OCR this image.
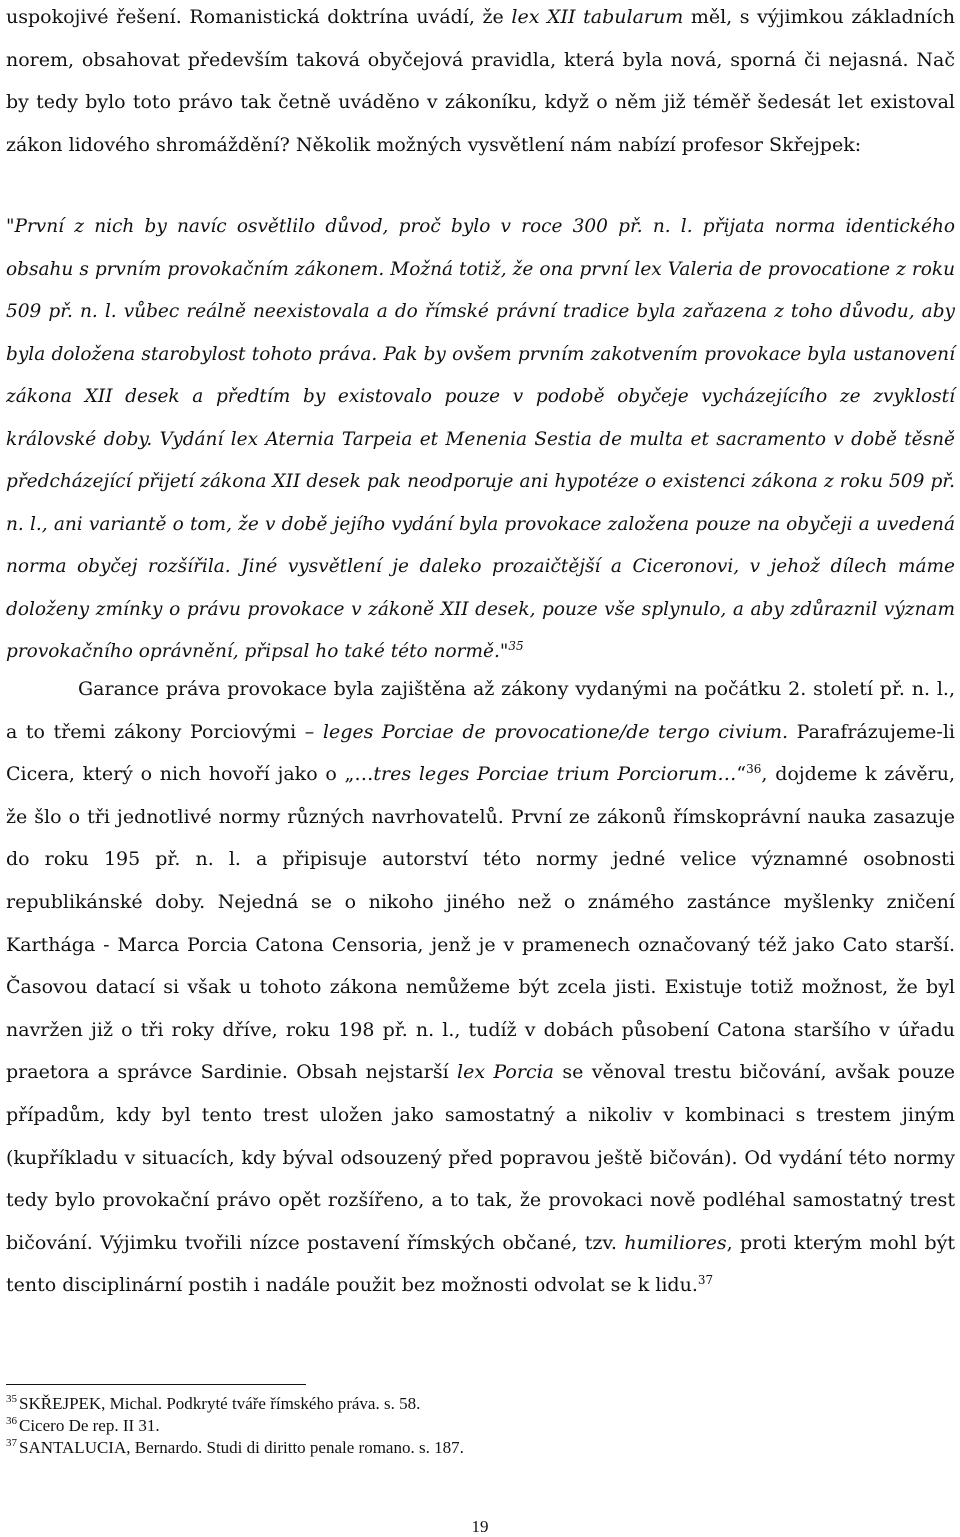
uspokojivé řešení. Romanistická doktrína uvádí, že lex XII tabularum měl, s výjimkou základních norem, obsahovat především taková obyčejová pravidla, která byla nová, sporná či nejasná. Nač by tedy bylo toto právo tak četně uváděno v zákoníku, když o něm již téměř šedesát let existoval zákon lidového shromáždění? Několik možných vysvětlení nám nabízí profesor Skřejpek:

"První z nich by navíc osvětlilo důvod, proč bylo v roce 300 př. n. l. přijata norma identického obsahu s prvním provokačním zákonem. Možná totiž, že ona první lex Valeria de provocatione z roku 509 př. n. l. vůbec reálně neexistovala a do římské právní tradice byla zařazena z toho důvodu, aby byla doložena starobylost tohoto práva. Pak by ovšem prvním zakotvením provokace byla ustanovení zákona XII desek a předtím by existovalo pouze v podobě obyčeje vycházejícího ze zvyklostí královské doby. Vydání lex Aternia Tarpeia et Menenia Sestia de multa et sacramento v době těsně předcházející přijetí zákona XII desek pak neodporuje ani hypotéze o existenci zákona z roku 509 př. n. l., ani variantě o tom, že v době jejího vydání byla provokace založena pouze na obyčeji a uvedená norma obyčej rozšířila. Jiné vysvětlení je daleko prozaičtější a Ciceronovi, v jehož dílech máme doloženy zmínky o právu provokace v zákoně XII desek, pouze vše splynulo, a aby zdůraznil význam provokačního oprávnění, připsal ho také této normě."$^{35}$

Garance práva provokace byla zajištěna až zákony vydanými na počátku 2. století př. n. l., a to třemi zákony Porciovými – leges Porciae de provocatione/de tergo civium. Parafrázujeme-li Cicera, který o nich hovoří jako o „…tres leges Porciae trium Porciorum…“$^{36}$, dojdeme k závěru, že šlo o tři jednotlivé normy různých navrhovatelů. První ze zákonů římskoprávní nauka zasazuje do roku 195 př. n. l. a připisuje autorství této normy jedné velice významné osobnosti republikánské doby. Nejedná se o nikoho jiného než o známého zastánce myšlenky zničení Karthága - Marca Porcia Catona Censoria, jenž je v pramenech označovaný též jako Cato starší. Časovou datací si však u tohoto zákona nemůžeme být zcela jisti. Existuje totiž možnost, že byl navržen již o tři roky dříve, roku 198 př. n. l., tudíž v dobách působení Catona staršího v úřadu praetora a správce Sardinie. Obsah nejstarší lex Porcia se věnoval trestu bičování, avšak pouze případům, kdy byl tento trest uložen jako samostatný a nikoliv v kombinaci s trestem jiným (kupříkladu v situacích, kdy býval odsouzený před popravou ještě bičován). Od vydání této normy tedy bylo provokační právo opět rozšířeno, a to tak, že provokaci nově podléhal samostatný trest bičování. Výjimku tvořili nízce postavení římských občané, tzv. humiliores, proti kterým mohl být tento disciplinární postih i nadále použit bez možnosti odvolat se k lidu.$^{37}$

$^{35}$ SKŘEJPEK, Michal. Podkryté tváře římského práva. s. 58.

$^{36}$ Cicero De rep. II 31.

$^{37}$ SANTALUCIA, Bernardo. Studi di diritto penale romano. s. 187.

19
